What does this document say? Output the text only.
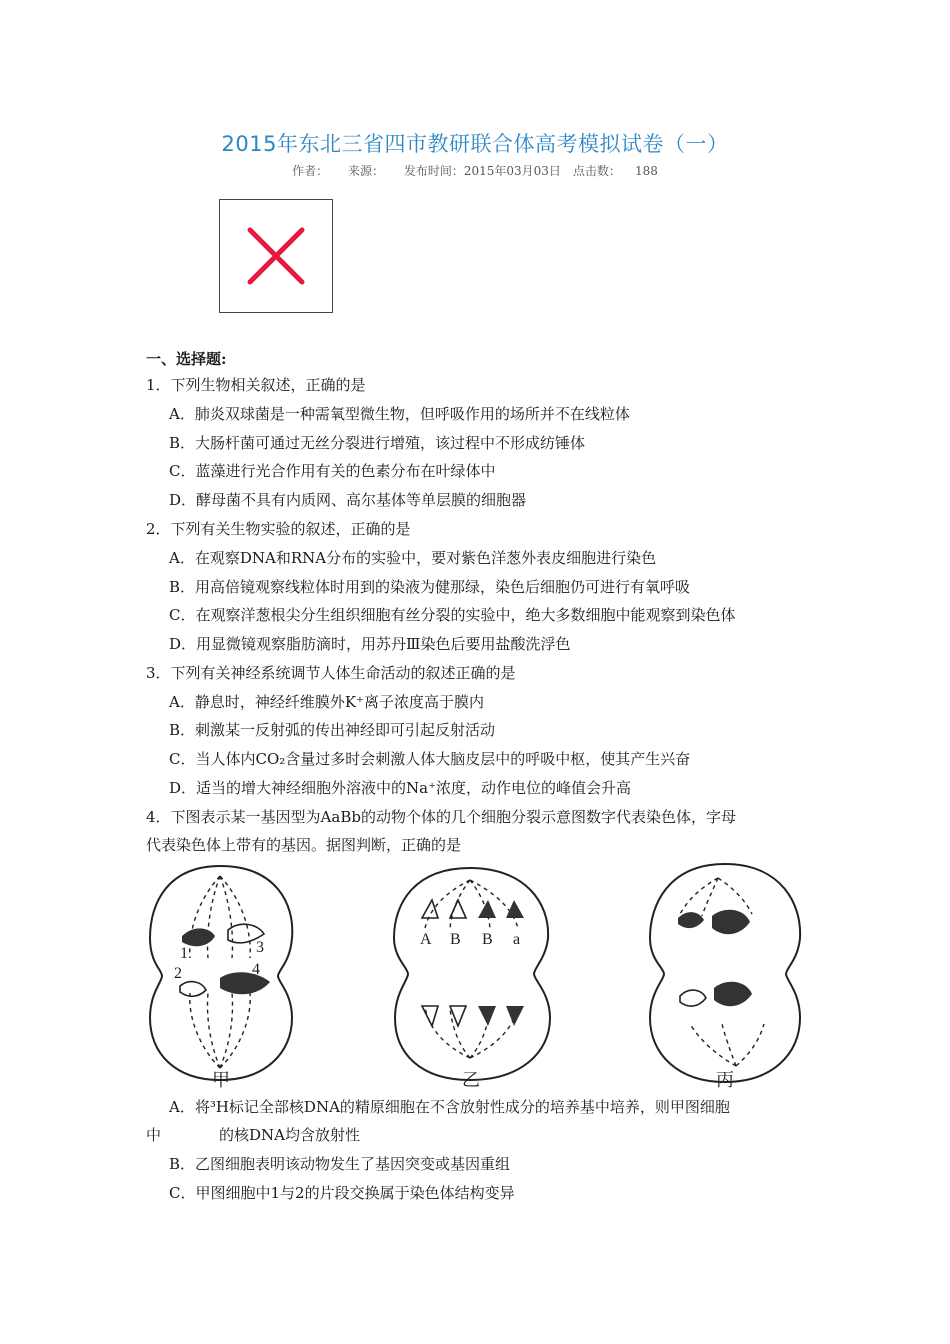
2015年东北三省四市教研联合体高考模拟试卷（一）
作者： 来源： 发布时间：2015年03月03日 点击数： 188
一、选择题:
1．下列生物相关叙述，正确的是
A．肺炎双球菌是一种需氧型微生物，但呼吸作用的场所并不在线粒体
B．大肠杆菌可通过无丝分裂进行增殖，该过程中不形成纺锤体
C．蓝藻进行光合作用有关的色素分布在叶绿体中
D．酵母菌不具有内质网、高尔基体等单层膜的细胞器
2．下列有关生物实验的叙述，正确的是
A．在观察DNA和RNA分布的实验中，要对紫色洋葱外表皮细胞进行染色
B．用高倍镜观察线粒体时用到的染液为健那绿，染色后细胞仍可进行有氧呼吸
C．在观察洋葱根尖分生组织细胞有丝分裂的实验中，绝大多数细胞中能观察到染色体
D．用显微镜观察脂肪滴时，用苏丹Ⅲ染色后要用盐酸洗浮色
3．下列有关神经系统调节人体生命活动的叙述正确的是
A．静息时，神经纤维膜外K⁺离子浓度高于膜内
B．刺激某一反射弧的传出神经即可引起反射活动
C．当人体内CO₂含量过多时会刺激人体大脑皮层中的呼吸中枢，使其产生兴奋
D．适当的增大神经细胞外溶液中的Na⁺浓度，动作电位的峰值会升高
4．下图表示某一基因型为AaBb的动物个体的几个细胞分裂示意图数字代表染色体，字母
代表染色体上带有的基因。据图判断，正确的是
1
2
3
4
甲
A B B a
乙	丙
A．将³H标记全部核DNA的精原细胞在不含放射性成分的培养基中培养，则甲图细胞
中	的核DNA均含放射性
B．乙图细胞表明该动物发生了基因突变或基因重组
C．甲图细胞中1与2的片段交换属于染色体结构变异
